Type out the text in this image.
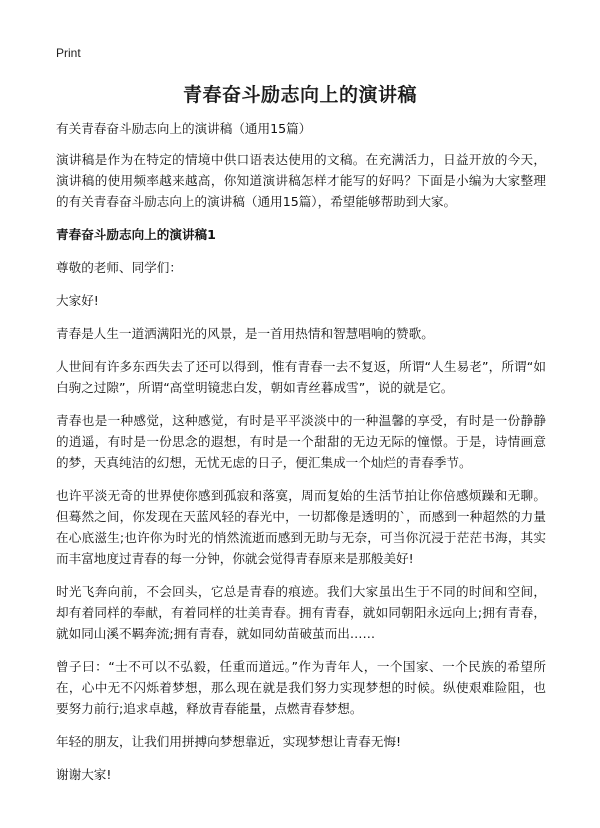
Print
青春奋斗励志向上的演讲稿

有关青春奋斗励志向上的演讲稿（通用15篇）

演讲稿是作为在特定的情境中供口语表达使用的文稿。在充满活力，日益开放的今天，演讲稿的使用频率越来越高，你知道演讲稿怎样才能写的好吗？下面是小编为大家整理的有关青春奋斗励志向上的演讲稿（通用15篇），希望能够帮助到大家。

青春奋斗励志向上的演讲稿1

尊敬的老师、同学们：

大家好!

青春是人生一道洒满阳光的风景，是一首用热情和智慧唱响的赞歌。

人世间有许多东西失去了还可以得到，惟有青春一去不复返，所谓“人生易老”，所谓“如白驹之过隙”，所谓“高堂明镜悲白发，朝如青丝暮成雪”，说的就是它。

青春也是一种感觉，这种感觉，有时是平平淡淡中的一种温馨的享受，有时是一份静静的逍遥，有时是一份思念的遐想，有时是一个甜甜的无边无际的憧憬。于是，诗情画意的梦，天真纯洁的幻想，无忧无虑的日子，便汇集成一个灿烂的青春季节。

也许平淡无奇的世界使你感到孤寂和落寞，周而复始的生活节拍让你倍感烦躁和无聊。但蓦然之间，你发现在天蓝风轻的春光中，一切都像是透明的`，而感到一种超然的力量在心底滋生;也许你为时光的悄然流逝而感到无助与无奈，可当你沉浸于茫茫书海，其实而丰富地度过青春的每一分钟，你就会觉得青春原来是那般美好!

时光飞奔向前，不会回头，它总是青春的痕迹。我们大家虽出生于不同的时间和空间，却有着同样的奉献，有着同样的壮美青春。拥有青春，就如同朝阳永远向上;拥有青春，就如同山溪不羁奔流;拥有青春，就如同幼苗破茧而出……

曾子曰：“士不可以不弘毅，任重而道远。”作为青年人，一个国家、一个民族的希望所在，心中无不闪烁着梦想，那么现在就是我们努力实现梦想的时候。纵使艰难险阻，也要努力前行;追求卓越，释放青春能量，点燃青春梦想。

年轻的朋友，让我们用拼搏向梦想靠近，实现梦想让青春无悔!

谢谢大家!
